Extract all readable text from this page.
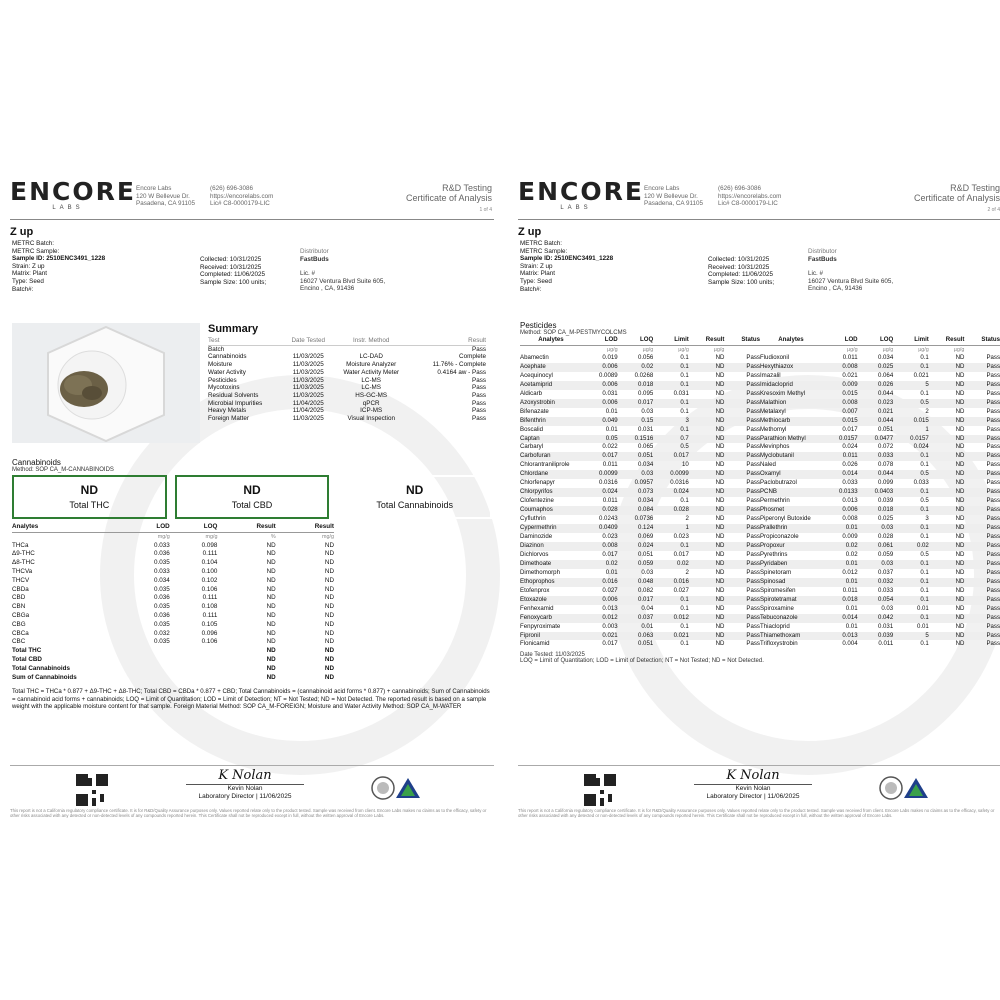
ENCORE
LABS
Encore Labs
120 W Bellevue Dr.
Pasadena, CA 91105
(626) 696-3086
https://encorelabs.com
Lic# C8-0000179-LIC
R&D Testing
Certificate of Analysis
1 of 4
Z up
METRC Batch:
METRC Sample:
Sample ID: 2510ENC3491_1228
Strain: Z up
Matrix: Plant
Type: Seed
Batch#:
Collected: 10/31/2025
Received: 10/31/2025
Completed: 11/06/2025
Sample Size: 100 units;
Distributor
FastBuds
Lic. #
16027 Ventura Blvd Suite 605,
Encino , CA, 91436
Summary
Test	Date Tested	Instr. Method	Result
Batch			Pass
Cannabinoids	11/03/2025	LC-DAD	Complete
Moisture	11/03/2025	Moisture Analyzer	11.76% - Complete
Water Activity	11/03/2025	Water Activity Meter	0.4164 aw - Pass
Pesticides	11/03/2025	LC-MS	Pass
Mycotoxins	11/03/2025	LC-MS	Pass
Residual Solvents	11/03/2025	HS-GC-MS	Pass
Microbial Impurities	11/04/2025	qPCR	Pass
Heavy Metals	11/04/2025	ICP-MS	Pass
Foreign Matter	11/03/2025	Visual Inspection	Pass
Cannabinoids
Method: SOP CA_M-CANNABINOIDS
ND
Total THC
ND
Total CBD
ND
Total Cannabinoids
Analytes	LOD	LOQ	Result	Result
	mg/g	mg/g	%	mg/g
THCa	0.033	0.098	ND	ND
Δ9-THC	0.036	0.111	ND	ND
Δ8-THC	0.035	0.104	ND	ND
THCVa	0.033	0.100	ND	ND
THCV	0.034	0.102	ND	ND
CBDa	0.035	0.106	ND	ND
CBD	0.036	0.111	ND	ND
CBN	0.035	0.108	ND	ND
CBGa	0.036	0.111	ND	ND
CBG	0.035	0.105	ND	ND
CBCa	0.032	0.096	ND	ND
CBC	0.035	0.106	ND	ND
Total THC			ND	ND
Total CBD			ND	ND
Total Cannabinoids			ND	ND
Sum of Cannabinoids			ND	ND
Total THC = THCa * 0.877 + Δ9-THC + Δ8-THC; Total CBD = CBDa * 0.877 + CBD; Total Cannabinoids = (cannabinoid acid forms * 0.877) + cannabinoids; Sum of Cannabinoids = cannabinoid acid forms + cannabinoids; LOQ = Limit of Quantitation; LOD = Limit of Detection; NT = Not Tested; ND = Not Detected. The reported result is based on a sample weight with the applicable moisture content for that sample. Foreign Material Method: SOP CA_M-FOREIGN; Moisture and Water Activity Method: SOP CA_M-WATER
K Nolan
Kevin Nolan
Laboratory Director | 11/06/2025
This report is not a California regulatory compliance certificate. It is for R&D/Quality Assurance purposes only. Values reported relate only to the product tested. Sample was received from client. Encore Labs makes no claims as to the efficacy, safety or other risks associated with any detected or non-detected levels of any compounds reported herein. This Certificate shall not be reproduced except in full, without the written approval of Encore Labs.
ENCORE
LABS
Encore Labs
120 W Bellevue Dr.
Pasadena, CA 91105
(626) 696-3086
https://encorelabs.com
Lic# C8-0000179-LIC
R&D Testing
Certificate of Analysis
2 of 4
Z up
METRC Batch:
METRC Sample:
Sample ID: 2510ENC3491_1228
Strain: Z up
Matrix: Plant
Type: Seed
Batch#:
Collected: 10/31/2025
Received: 10/31/2025
Completed: 11/06/2025
Sample Size: 100 units;
Distributor
FastBuds
Lic. #
16027 Ventura Blvd Suite 605,
Encino , CA, 91436
Pesticides
Method: SOP CA_M-PESTMYCOLCMS
Analytes	LOD	LOQ	Limit	Result	Status	Analytes	LOD	LOQ	Limit	Result	Status
	µg/g	µg/g	µg/g	µg/g			µg/g	µg/g	µg/g	µg/g	
Abamectin	0.019	0.056	0.1	ND	Pass	Fludioxonil	0.011	0.034	0.1	ND	Pass
Acephate	0.006	0.02	0.1	ND	Pass	Hexythiazox	0.008	0.025	0.1	ND	Pass
Acequinocyl	0.0089	0.0268	0.1	ND	Pass	Imazalil	0.021	0.064	0.021	ND	Pass
Acetamiprid	0.006	0.018	0.1	ND	Pass	Imidacloprid	0.009	0.026	5	ND	Pass
Aldicarb	0.031	0.095	0.031	ND	Pass	Kresoxim Methyl	0.015	0.044	0.1	ND	Pass
Azoxystrobin	0.006	0.017	0.1	ND	Pass	Malathion	0.008	0.023	0.5	ND	Pass
Bifenazate	0.01	0.03	0.1	ND	Pass	Metalaxyl	0.007	0.021	2	ND	Pass
Bifenthrin	0.049	0.15	3	ND	Pass	Methiocarb	0.015	0.044	0.015	ND	Pass
Boscalid	0.01	0.031	0.1	ND	Pass	Methomyl	0.017	0.051	1	ND	Pass
Captan	0.05	0.1516	0.7	ND	Pass	Parathion Methyl	0.0157	0.0477	0.0157	ND	Pass
Carbaryl	0.022	0.065	0.5	ND	Pass	Mevinphos	0.024	0.072	0.024	ND	Pass
Carbofuran	0.017	0.051	0.017	ND	Pass	Myclobutanil	0.011	0.033	0.1	ND	Pass
Chlorantraniliprole	0.011	0.034	10	ND	Pass	Naled	0.026	0.078	0.1	ND	Pass
Chlordane	0.0099	0.03	0.0099	ND	Pass	Oxamyl	0.014	0.044	0.5	ND	Pass
Chlorfenapyr	0.0316	0.0957	0.0316	ND	Pass	Paclobutrazol	0.033	0.099	0.033	ND	Pass
Chlorpyrifos	0.024	0.073	0.024	ND	Pass	PCNB	0.0133	0.0403	0.1	ND	Pass
Clofentezine	0.011	0.034	0.1	ND	Pass	Permethrin	0.013	0.039	0.5	ND	Pass
Coumaphos	0.028	0.084	0.028	ND	Pass	Phosmet	0.006	0.018	0.1	ND	Pass
Cyfluthrin	0.0243	0.0736	2	ND	Pass	Piperonyl Butoxide	0.008	0.025	3	ND	Pass
Cypermethrin	0.0409	0.124	1	ND	Pass	Prallethrin	0.01	0.03	0.1	ND	Pass
Daminozide	0.023	0.069	0.023	ND	Pass	Propiconazole	0.009	0.028	0.1	ND	Pass
Diazinon	0.008	0.024	0.1	ND	Pass	Propoxur	0.02	0.061	0.02	ND	Pass
Dichlorvos	0.017	0.051	0.017	ND	Pass	Pyrethrins	0.02	0.059	0.5	ND	Pass
Dimethoate	0.02	0.059	0.02	ND	Pass	Pyridaben	0.01	0.03	0.1	ND	Pass
Dimethomorph	0.01	0.03	2	ND	Pass	Spinetoram	0.012	0.037	0.1	ND	Pass
Ethoprophos	0.016	0.048	0.016	ND	Pass	Spinosad	0.01	0.032	0.1	ND	Pass
Etofenprox	0.027	0.082	0.027	ND	Pass	Spiromesifen	0.011	0.033	0.1	ND	Pass
Etoxazole	0.006	0.017	0.1	ND	Pass	Spirotetramat	0.018	0.054	0.1	ND	Pass
Fenhexamid	0.013	0.04	0.1	ND	Pass	Spiroxamine	0.01	0.03	0.01	ND	Pass
Fenoxycarb	0.012	0.037	0.012	ND	Pass	Tebuconazole	0.014	0.042	0.1	ND	Pass
Fenpyroximate	0.003	0.01	0.1	ND	Pass	Thiacloprid	0.01	0.031	0.01	ND	Pass
Fipronil	0.021	0.063	0.021	ND	Pass	Thiamethoxam	0.013	0.039	5	ND	Pass
Flonicamid	0.017	0.051	0.1	ND	Pass	Trifloxystrobin	0.004	0.011	0.1	ND	Pass
Date Tested: 11/03/2025
LOQ = Limit of Quantitation; LOD = Limit of Detection; NT = Not Tested; ND = Not Detected.
K Nolan
Kevin Nolan
Laboratory Director | 11/06/2025
This report is not a California regulatory compliance certificate. It is for R&D/Quality Assurance purposes only. Values reported relate only to the product tested. Sample was received from client. Encore Labs makes no claims as to the efficacy, safety or other risks associated with any detected or non-detected levels of any compounds reported herein. This Certificate shall not be reproduced except in full, without the written approval of Encore Labs.
